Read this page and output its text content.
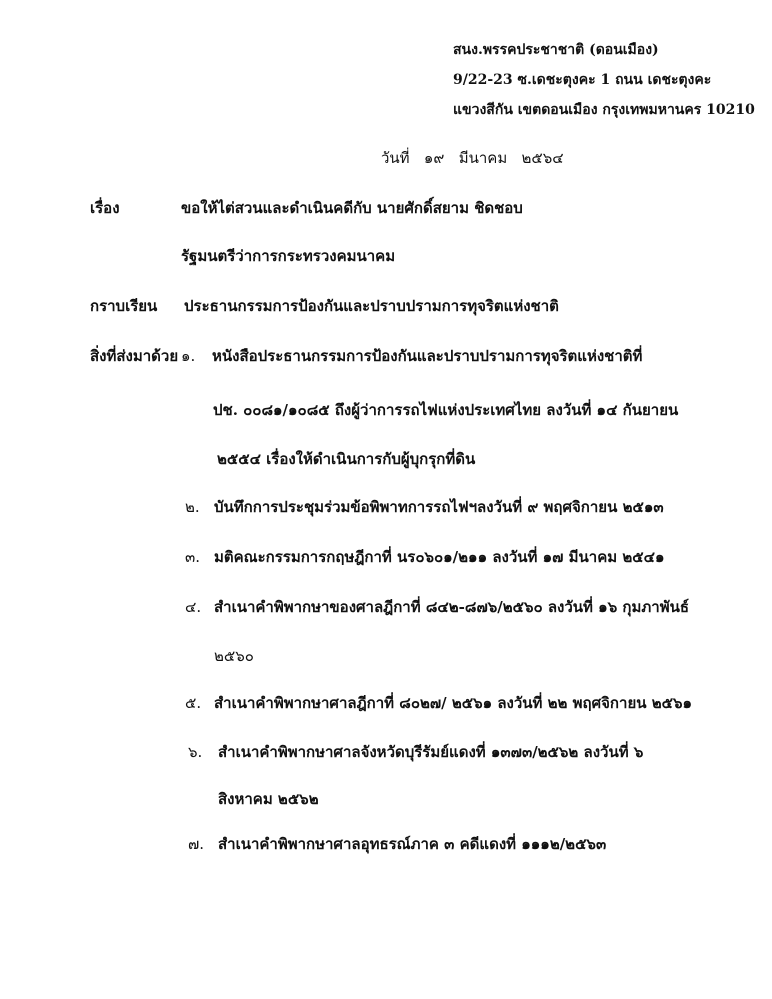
สนง.พรรคประชาชาติ (ดอนเมือง)
9/22-23 ซ.เดชะตุงคะ 1 ถนน เดชะตุงคะ
แขวงสีกัน เขตดอนเมือง กรุงเทพมหานคร 10210
วันที่ ๑๙ มีนาคม ๒๕๖๔
เรื่อง	ขอให้ไต่สวนและดำเนินคดีกับ นายศักดิ์สยาม ชิดชอบ
รัฐมนตรีว่าการกระทรวงคมนาคม
กราบเรียน ประธานกรรมการป้องกันและปราบปรามการทุจริตแห่งชาติ
สิ่งที่ส่งมาด้วย ๑. หนังสือประธานกรรมการป้องกันและปราบปรามการทุจริตแห่งชาติที่
ปช. ๐๐๘๑/๑๐๘๕ ถึงผู้ว่าการรถไฟแห่งประเทศไทย ลงวันที่ ๑๔ กันยายน
๒๕๕๔ เรื่องให้ดำเนินการกับผู้บุกรุกที่ดิน
๒. บันทึกการประชุมร่วมข้อพิพาทการรถไฟฯลงวันที่ ๙ พฤศจิกายน ๒๕๑๓
๓. มติคณะกรรมการกฤษฎีกาที่ นร๐๖๐๑/๒๑๑ ลงวันที่ ๑๗ มีนาคม ๒๕๔๑
๔. สำเนาคำพิพากษาของศาลฎีกาที่ ๘๔๒-๘๗๖/๒๕๖๐ ลงวันที่ ๑๖ กุมภาพันธ์
๒๕๖๐
๕. สำเนาคำพิพากษาศาลฎีกาที่ ๘๐๒๗/ ๒๕๖๑ ลงวันที่ ๒๒ พฤศจิกายน ๒๕๖๑
๖. สำเนาคำพิพากษาศาลจังหวัดบุรีรัมย์แดงที่ ๑๓๗๓/๒๕๖๒ ลงวันที่ ๖
สิงหาคม ๒๕๖๒
๗. สำเนาคำพิพากษาศาลอุทธรณ์ภาค ๓ คดีแดงที่ ๑๑๑๒/๒๕๖๓
